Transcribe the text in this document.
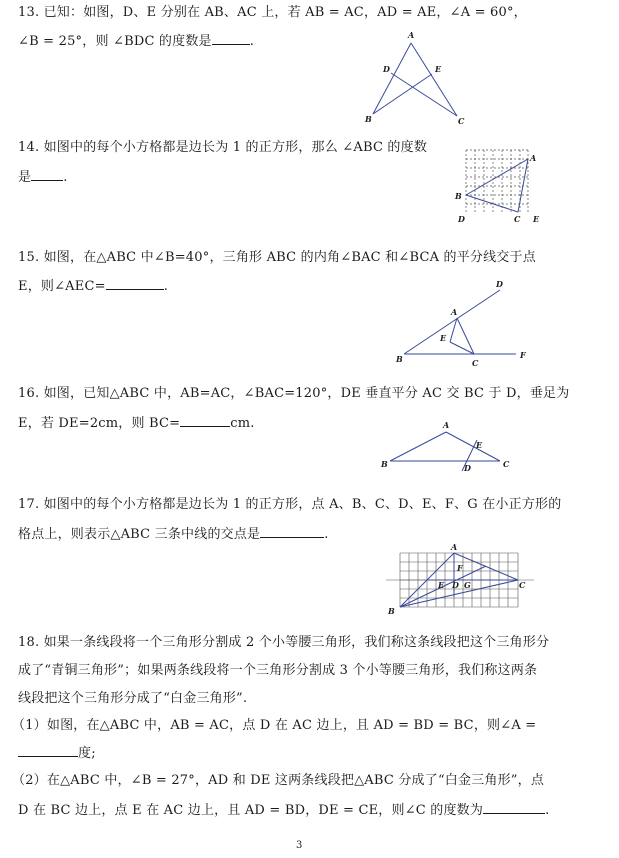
13. 已知：如图，D、E 分别在 AB、AC 上，若 AB = AC，AD = AE，∠A = 60°，
∠B = 25°，则 ∠BDC 的度数是	.	A
D	E
B	C
14. 如图中的每个小方格都是边长为 1 的正方形，那么 ∠ABC 的度数
是 .
A
B
D	C E
15. 如图，在△ABC 中∠B=40°，三角形 ABC 的内角∠BAC 和∠BCA 的平分线交于点
E，则∠AEC=	.	D
A
E
B	C
F
16. 如图，已知△ABC 中，AB=AC，∠BAC=120°，DE 垂直平分 AC 交 BC 于 D，垂足为
E，若 DE=2cm，则 BC=	cm.	A
E
B	D	C
17. 如图中的每个小方格都是边长为 1 的正方形，点 A、B、C、D、E、F、G 在小正方形的
格点上，则表示△ABC 三条中线的交点是	.
A
F
E D G	C
B
18. 如果一条线段将一个三角形分割成 2 个小等腰三角形，我们称这条线段把这个三角形分
成了“青铜三角形”；如果两条线段将一个三角形分割成 3 个小等腰三角形，我们称这两条
线段把这个三角形分成了“白金三角形”.
（1）如图，在△ABC 中，AB = AC，点 D 在 AC 边上，且 AD = BD = BC，则∠A =
度;
（2）在△ABC 中，∠B = 27°，AD 和 DE 这两条线段把△ABC 分成了“白金三角形”，点
D 在 BC 边上，点 E 在 AC 边上，且 AD = BD，DE = CE，则∠C 的度数为	.
3
